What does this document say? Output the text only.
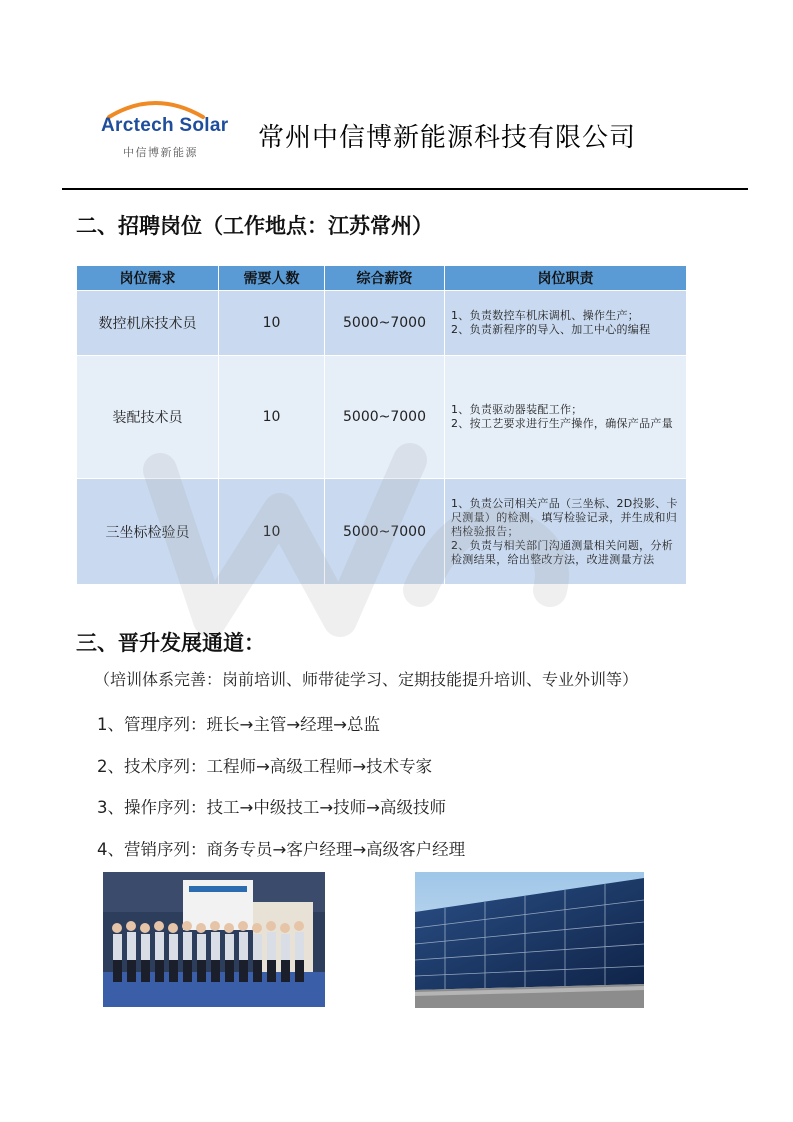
Arctech Solar
中信博新能源 常州中信博新能源科技有限公司
二、招聘岗位（工作地点：江苏常州）
岗位需求	需要人数	综合薪资	岗位职责
数控机床技术员	10	5000~7000	1、负责数控车机床调机、操作生产；
2、负责新程序的导入、加工中心的编程

装配技术员	10	5000~7000	1、负责驱动器装配工作；
2、按工艺要求进行生产操作，确保产品产量

三坐标检验员	10	5000~7000	1、负责公司相关产品（三坐标、2D投影、卡尺测量）的检测，填写检验记录，并生成和归档检验报告；
2、负责与相关部门沟通测量相关问题，分析检测结果，给出整改方法，改进测量方法
三、晋升发展通道：
（培训体系完善：岗前培训、师带徒学习、定期技能提升培训、专业外训等）
1、管理序列：班长→主管→经理→总监
2、技术序列：工程师→高级工程师→技术专家
3、操作序列：技工→中级技工→技师→高级技师
4、营销序列：商务专员→客户经理→高级客户经理
